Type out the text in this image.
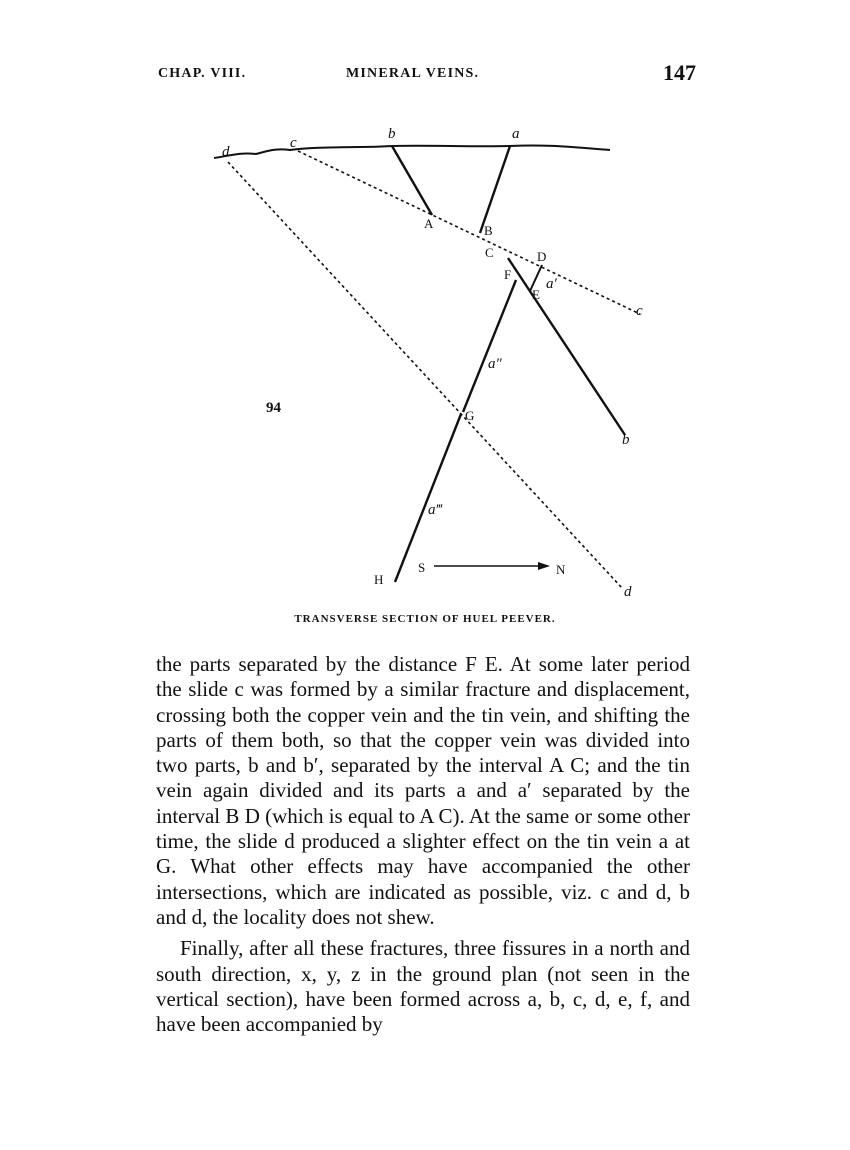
CHAP. VIII.	MINERAL VEINS.	147
d
c
b	a
A	B
C	D
F
E
G
H
a′
a″
a‴
c
b
d
S	N
94
TRANSVERSE SECTION OF HUEL PEEVER.

the parts separated by the distance F E. At some later period the slide c was formed by a similar fracture and displacement, crossing both the copper vein and the tin vein, and shifting the parts of them both, so that the copper vein was divided into two parts, b and b′, separated by the interval A C; and the tin vein again divided and its parts a and a′ separated by the interval B D (which is equal to A C). At the same or some other time, the slide d produced a slighter effect on the tin vein a at G. What other effects may have accompanied the other intersections, which are indicated as possible, viz. c and d, b and d, the locality does not shew.

Finally, after all these fractures, three fissures in a north and south direction, x, y, z in the ground plan (not seen in the vertical section), have been formed across a, b, c, d, e, f, and have been accompanied by
